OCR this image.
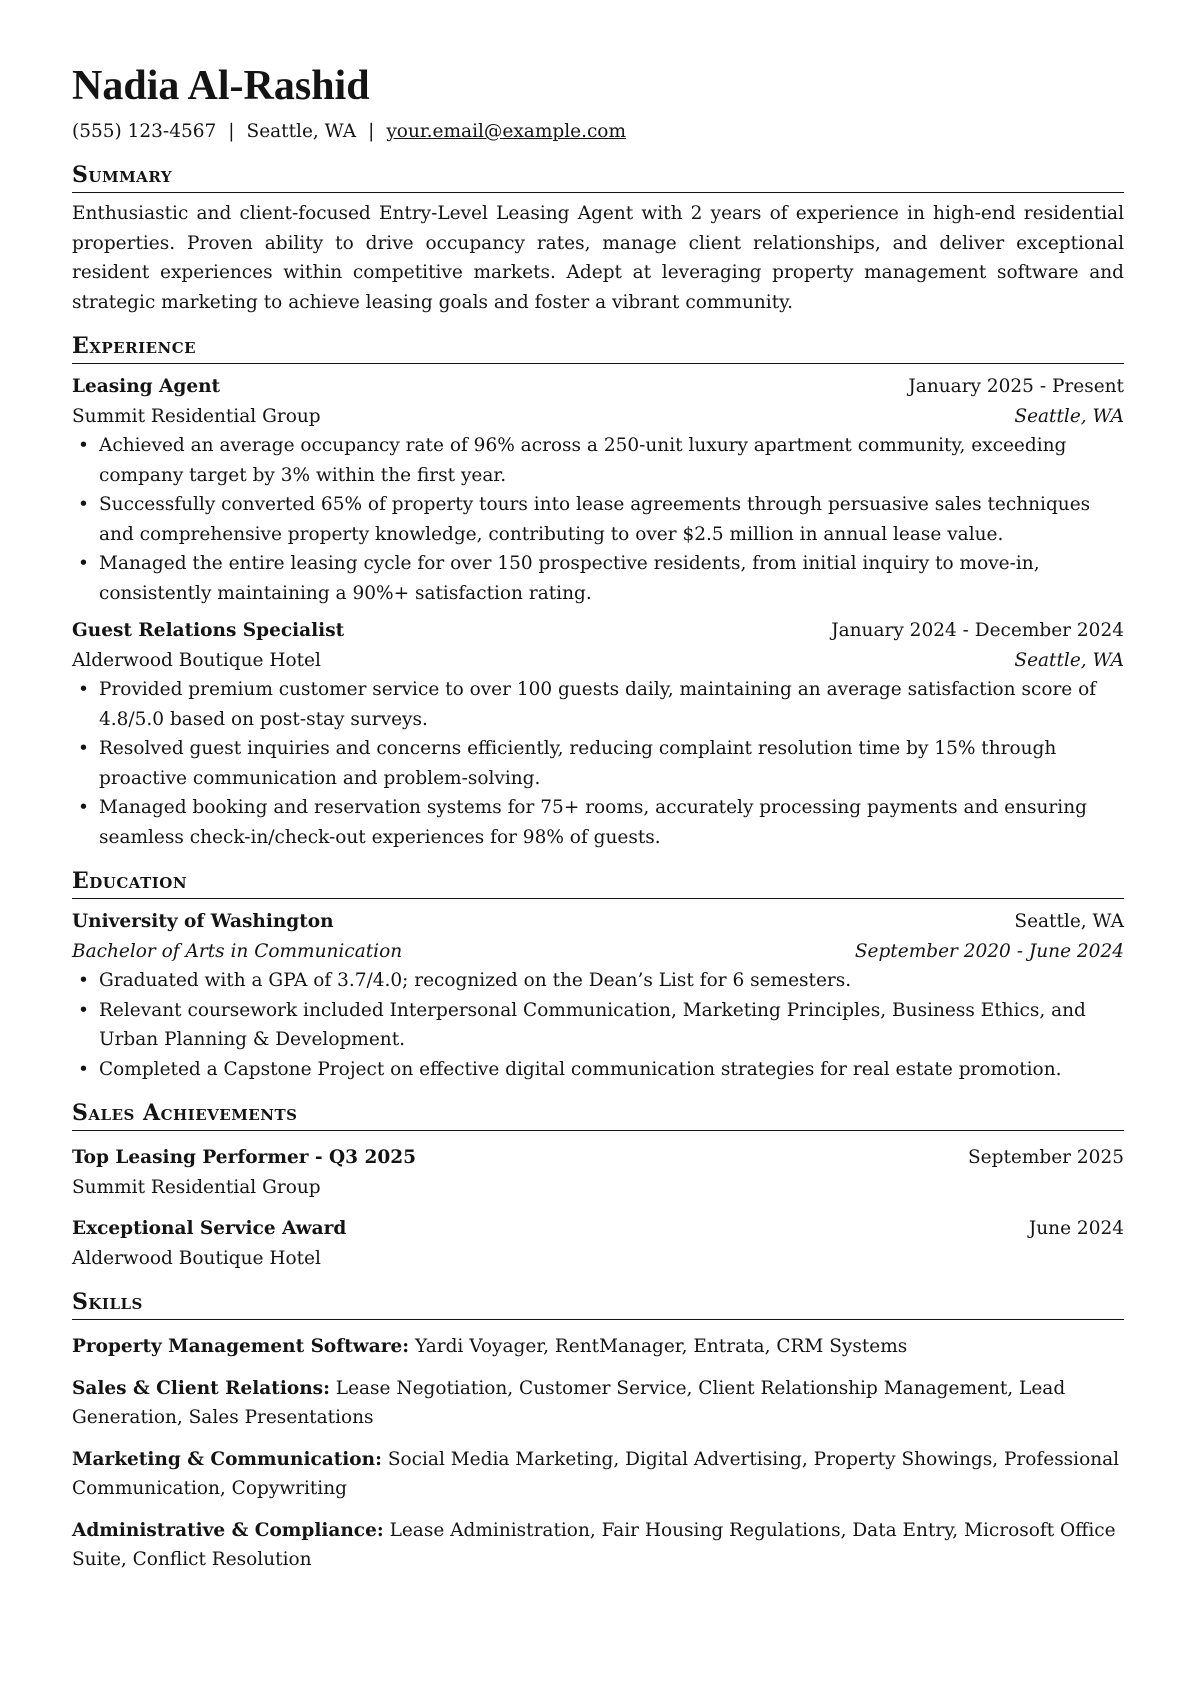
Nadia Al-Rashid
(555) 123-4567 | Seattle, WA | your.email@example.com
Summary

Enthusiastic and client-focused Entry-Level Leasing Agent with 2 years of experience in high-end residential properties. Proven ability to drive occupancy rates, manage client relationships, and deliver exceptional resident experiences within competitive markets. Adept at leveraging property management software and strategic marketing to achieve leasing goals and foster a vibrant community.

Experience
Leasing Agent	January 2025 - Present
Summit Residential Group	Seattle, WA
• Achieved an average occupancy rate of 96% across a 250-unit luxury apartment community, exceeding company target by 3% within the first year.
• Successfully converted 65% of property tours into lease agreements through persuasive sales techniques and comprehensive property knowledge, contributing to over $2.5 million in annual lease value.
• Managed the entire leasing cycle for over 150 prospective residents, from initial inquiry to move-in, consistently maintaining a 90%+ satisfaction rating.
Guest Relations Specialist	January 2024 - December 2024
Alderwood Boutique Hotel	Seattle, WA
• Provided premium customer service to over 100 guests daily, maintaining an average satisfaction score of 4.8/5.0 based on post-stay surveys.
• Resolved guest inquiries and concerns efficiently, reducing complaint resolution time by 15% through proactive communication and problem-solving.
• Managed booking and reservation systems for 75+ rooms, accurately processing payments and ensuring seamless check-in/check-out experiences for 98% of guests.
Education
University of Washington	Seattle, WA
Bachelor of Arts in Communication	September 2020 - June 2024
• Graduated with a GPA of 3.7/4.0; recognized on the Dean’s List for 6 semesters.
• Relevant coursework included Interpersonal Communication, Marketing Principles, Business Ethics, and Urban Planning & Development.
• Completed a Capstone Project on effective digital communication strategies for real estate promotion.
Sales Achievements
Top Leasing Performer - Q3 2025	September 2025
Summit Residential Group
Exceptional Service Award	June 2024
Alderwood Boutique Hotel
Skills
Property Management Software: Yardi Voyager, RentManager, Entrata, CRM Systems
Sales & Client Relations: Lease Negotiation, Customer Service, Client Relationship Management, Lead Generation, Sales Presentations
Marketing & Communication: Social Media Marketing, Digital Advertising, Property Showings, Professional Communication, Copywriting
Administrative & Compliance: Lease Administration, Fair Housing Regulations, Data Entry, Microsoft Office Suite, Conflict Resolution
